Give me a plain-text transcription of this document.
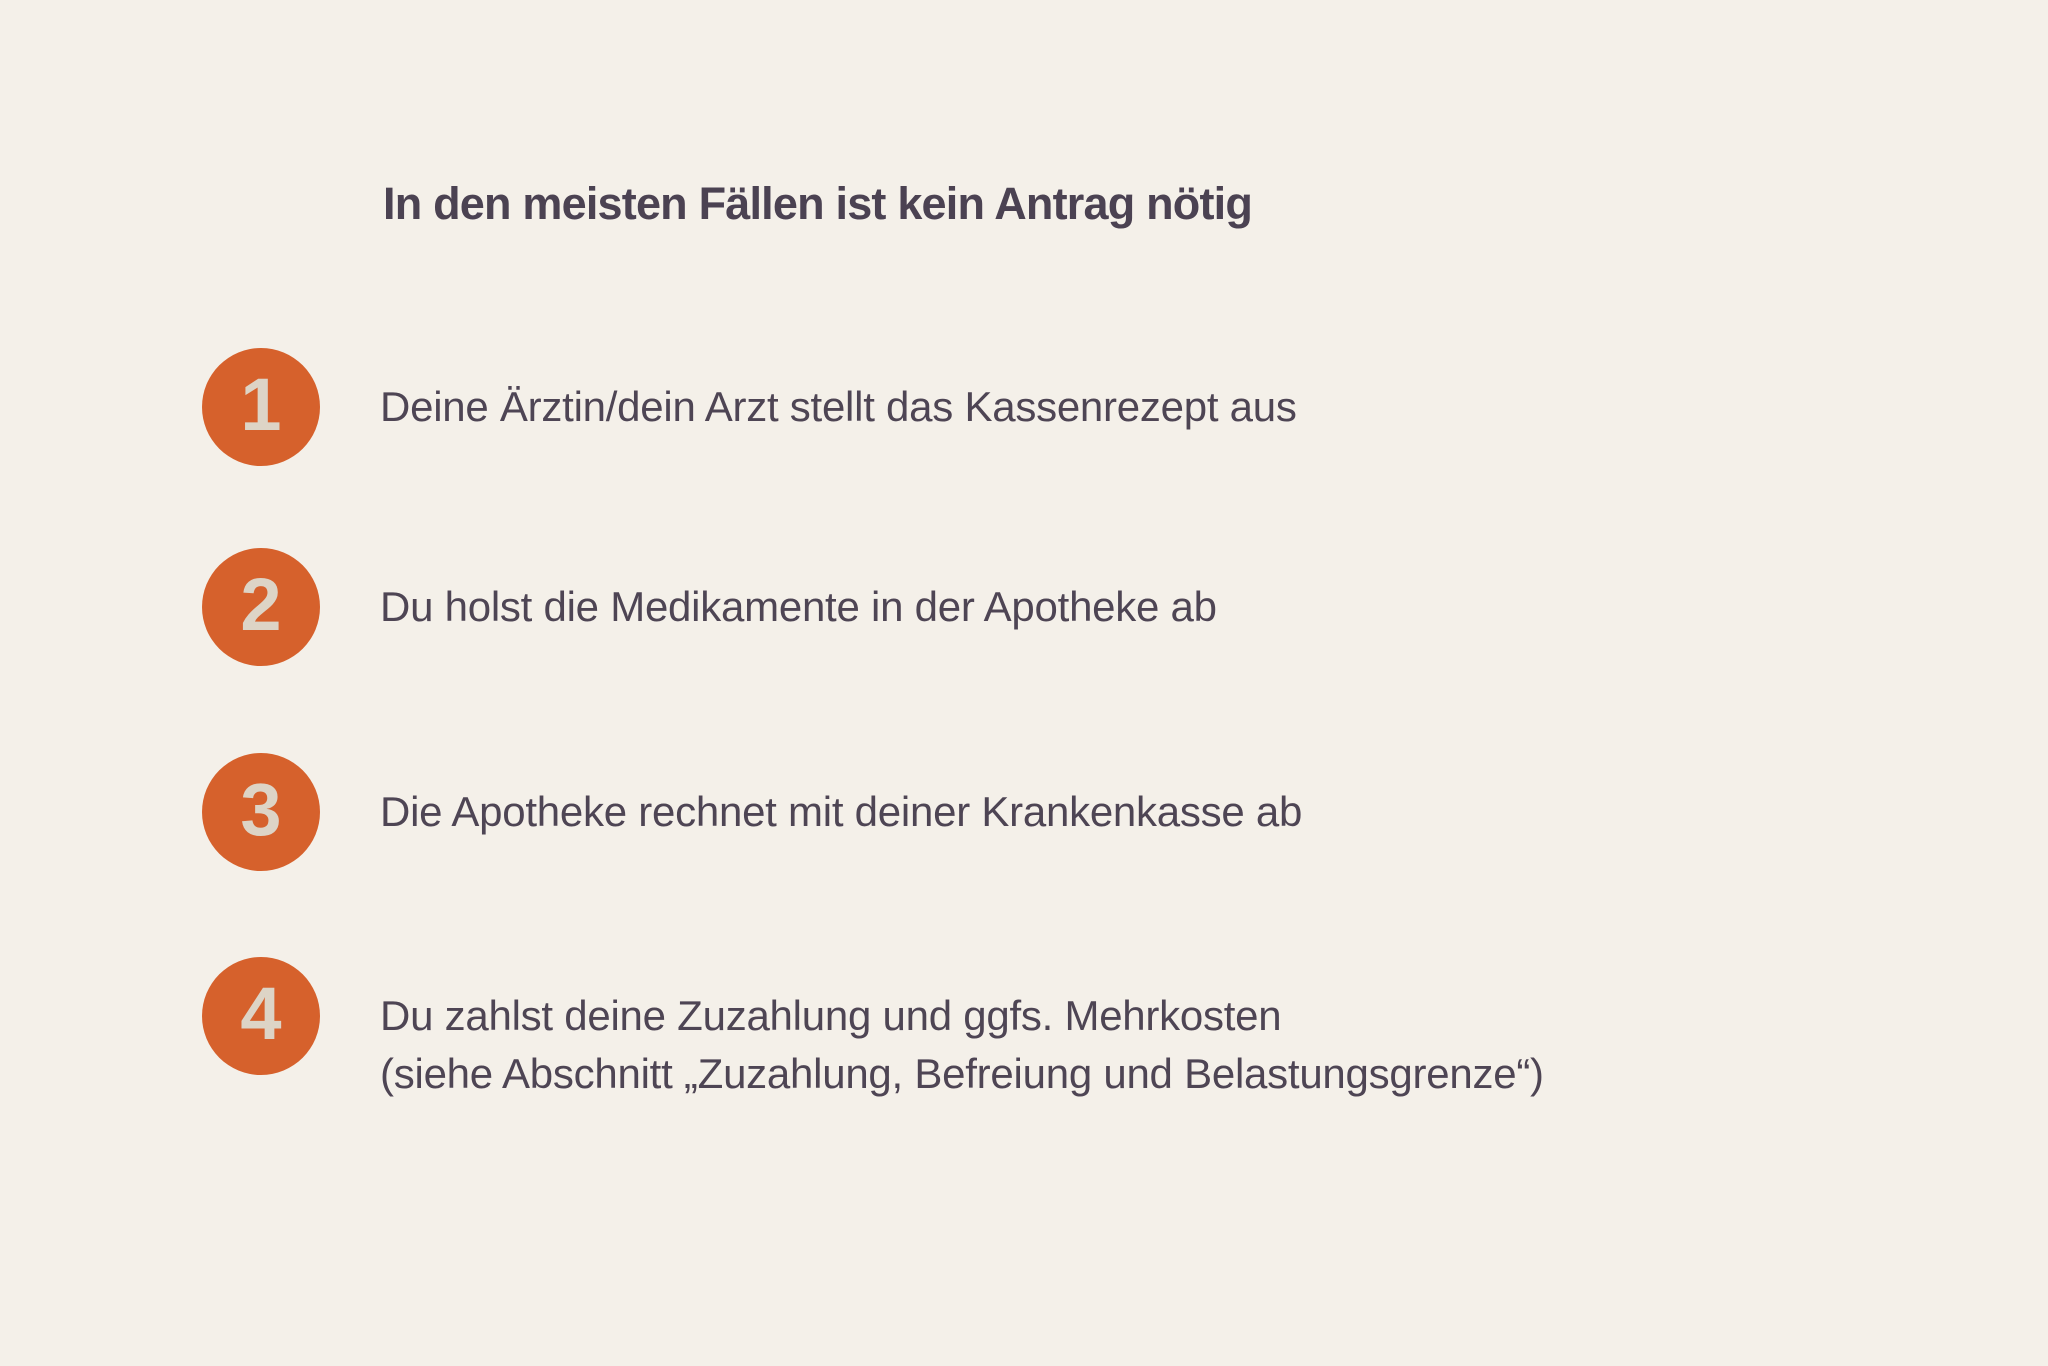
In den meisten Fällen ist kein Antrag nötig
1 Deine Ärztin/dein Arzt stellt das Kassenrezept aus
2 Du holst die Medikamente in der Apotheke ab
3 Die Apotheke rechnet mit deiner Krankenkasse ab
4 Du zahlst deine Zuzahlung und ggfs. Mehrkosten
(siehe Abschnitt „Zuzahlung, Befreiung und Belastungsgrenze“)
